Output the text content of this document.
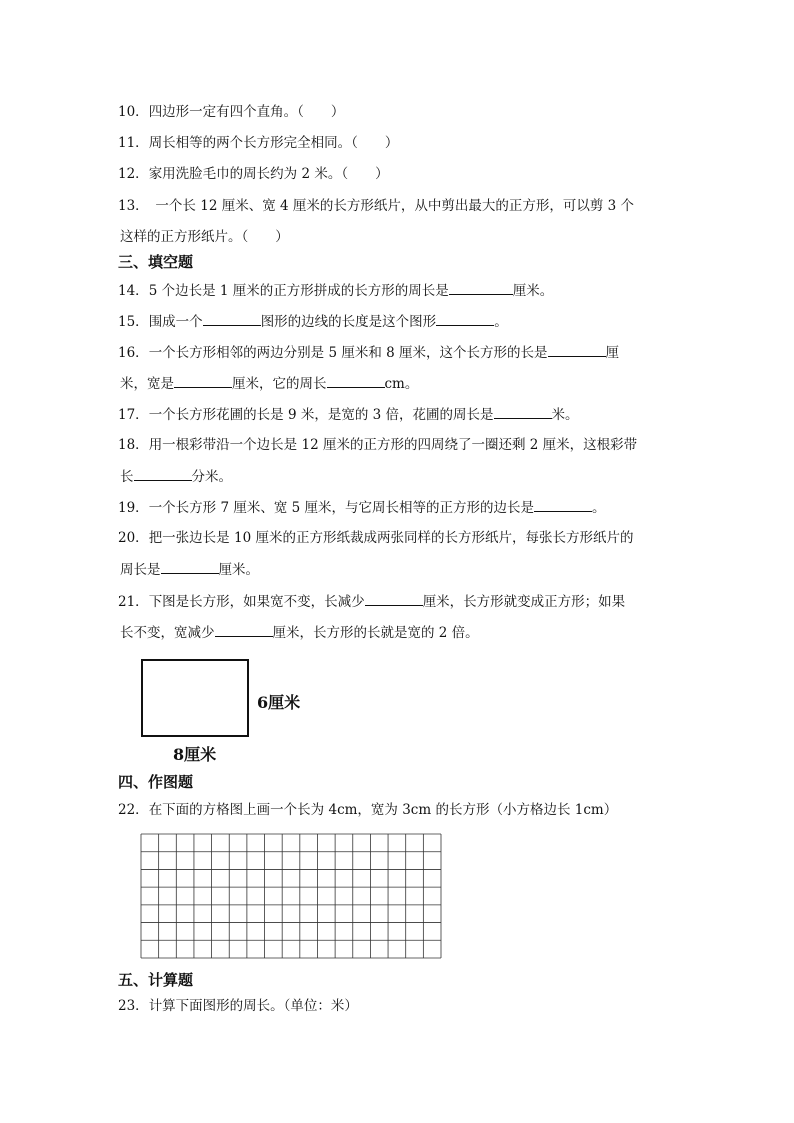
10．四边形一定有四个直角。（　　）
11．周长相等的两个长方形完全相同。（　　）
12．家用洗脸毛巾的周长约为 2 米。（　　）
13．　一个长 12 厘米、宽 4 厘米的长方形纸片，从中剪出最大的正方形，可以剪 3 个
这样的正方形纸片。（　　）
三、填空题
14．5 个边长是 1 厘米的正方形拼成的长方形的周长是	厘米。
15．围成一个	图形的边线的长度是这个图形	。
16．一个长方形相邻的两边分别是 5 厘米和 8 厘米，这个长方形的长是	厘
米，宽是	厘米，它的周长	cm。
17．一个长方形花圃的长是 9 米，是宽的 3 倍，花圃的周长是	米。
18．用一根彩带沿一个边长是 12 厘米的正方形的四周绕了一圈还剩 2 厘米，这根彩带
长	分米。
19．一个长方形 7 厘米、宽 5 厘米，与它周长相等的正方形的边长是	。
20．把一张边长是 10 厘米的正方形纸裁成两张同样的长方形纸片，每张长方形纸片的
周长是	厘米。
21．下图是长方形，如果宽不变，长减少	厘米，长方形就变成正方形；如果
长不变，宽减少	厘米，长方形的长就是宽的 2 倍。
6厘米
8厘米
四、作图题
22．在下面的方格图上画一个长为 4cm，宽为 3cm 的长方形（小方格边长 1cm）
五、计算题
23．计算下面图形的周长。（单位：米）
